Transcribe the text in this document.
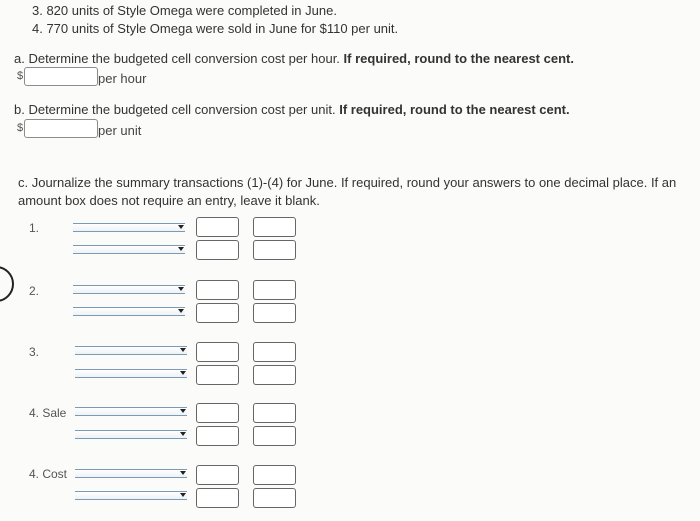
3. 820 units of Style Omega were completed in June.
4. 770 units of Style Omega were sold in June for $110 per unit.
a. Determine the budgeted cell conversion cost per hour. If required, round to the nearest cent.
$	per hour
b. Determine the budgeted cell conversion cost per unit. If required, round to the nearest cent.
$	per unit
c. Journalize the summary transactions (1)-(4) for June. If required, round your answers to one decimal place. If an
amount box does not require an entry, leave it blank.
1.
2.
3.
4. Sale
4. Cost
